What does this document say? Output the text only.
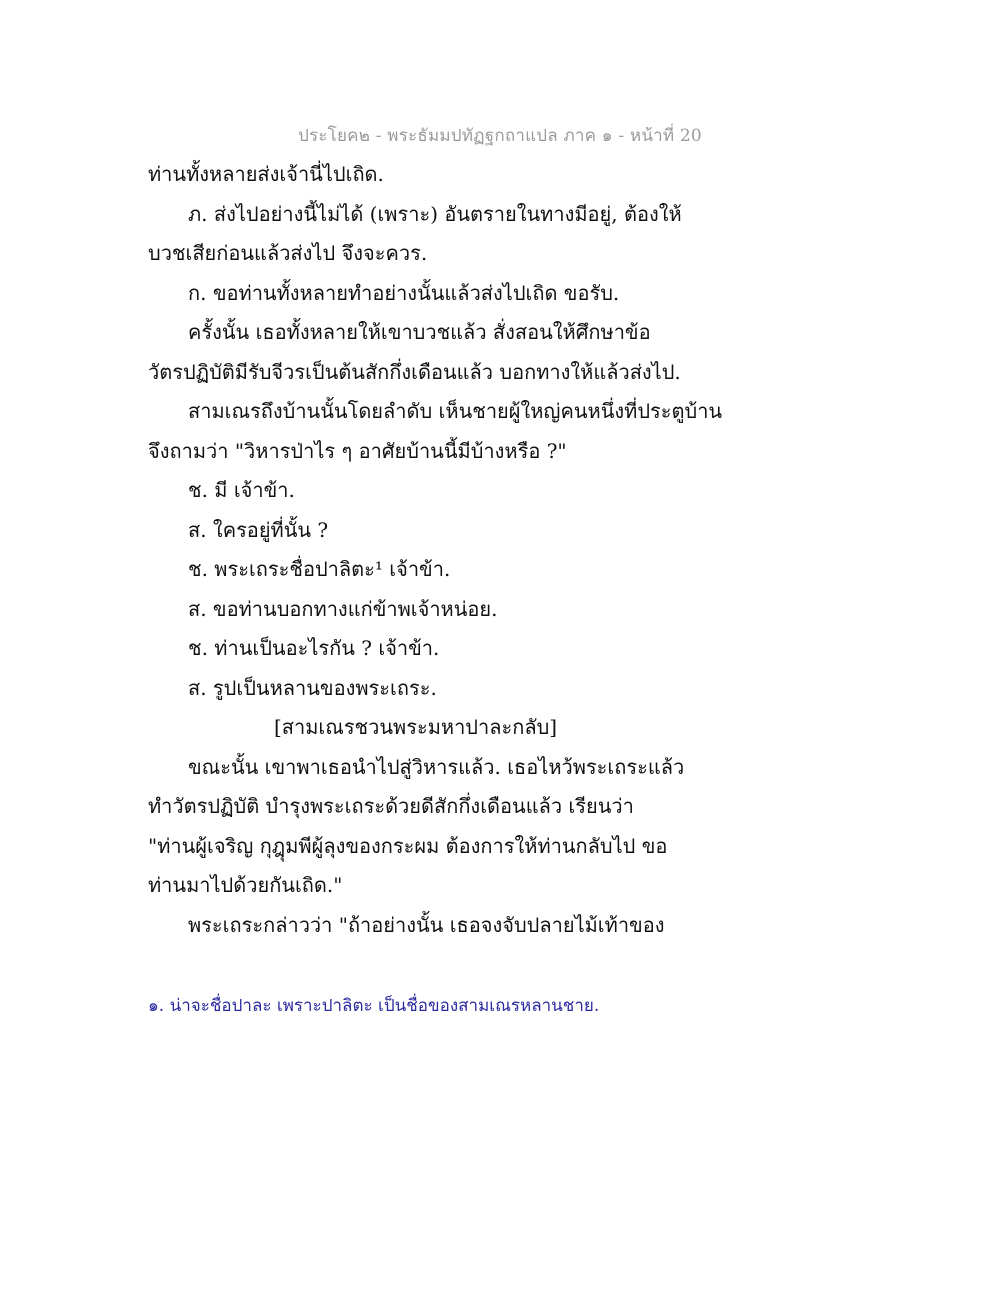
ประโยค๒ - พระธัมมปทัฏฐกถาแปล ภาค ๑ - หน้าที่ 20
ท่านทั้งหลายส่งเจ้านี่ไปเถิด.
ภ. ส่งไปอย่างนี้ไม่ได้ (เพราะ) อันตรายในทางมีอยู่, ต้องให้
บวชเสียก่อนแล้วส่งไป จึงจะควร.
ก. ขอท่านทั้งหลายทำอย่างนั้นแล้วส่งไปเถิด ขอรับ.
ครั้งนั้น เธอทั้งหลายให้เขาบวชแล้ว สั่งสอนให้ศึกษาข้อ
วัตรปฏิบัติมีรับจีวรเป็นต้นสักกึ่งเดือนแล้ว บอกทางให้แล้วส่งไป.
สามเณรถึงบ้านนั้นโดยลำดับ เห็นชายผู้ใหญ่คนหนึ่งที่ประตูบ้าน
จึงถามว่า "วิหารป่าไร ๆ อาศัยบ้านนี้มีบ้างหรือ ?"
ช. มี เจ้าข้า.
ส. ใครอยู่ที่นั้น ?
ช. พระเถระชื่อปาลิตะ¹ เจ้าข้า.
ส. ขอท่านบอกทางแก่ข้าพเจ้าหน่อย.
ช. ท่านเป็นอะไรกัน ? เจ้าข้า.
ส. รูปเป็นหลานของพระเถระ.
[สามเณรชวนพระมหาปาละกลับ]
ขณะนั้น เขาพาเธอนำไปสู่วิหารแล้ว. เธอไหว้พระเถระแล้ว
ทำวัตรปฏิบัติ บำรุงพระเถระด้วยดีสักกึ่งเดือนแล้ว เรียนว่า
"ท่านผู้เจริญ กุฎุมพีผู้ลุงของกระผม ต้องการให้ท่านกลับไป ขอ
ท่านมาไปด้วยกันเถิด."
พระเถระกล่าวว่า "ถ้าอย่างนั้น เธอจงจับปลายไม้เท้าของ
๑. น่าจะชื่อปาละ เพราะปาลิตะ เป็นชื่อของสามเณรหลานชาย.
